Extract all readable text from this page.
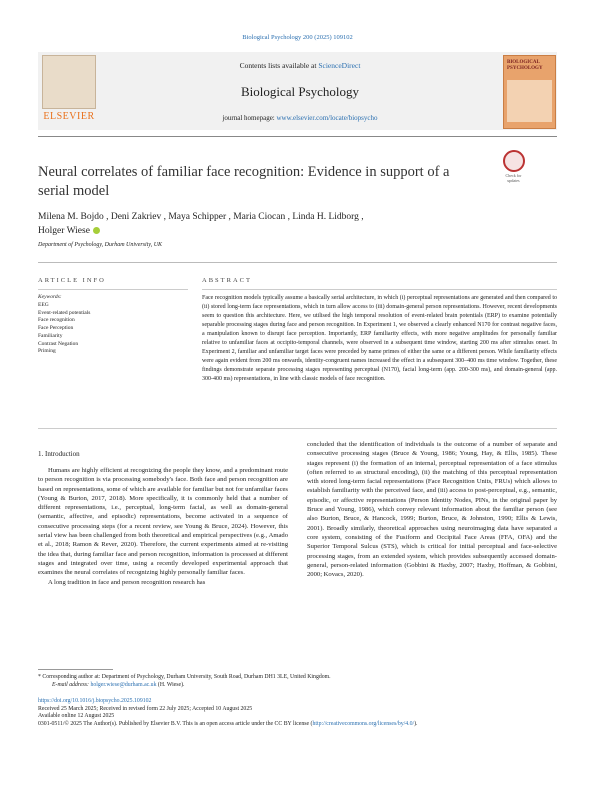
Biological Psychology 200 (2025) 109102
ELSEVIER
Contents lists available at ScienceDirect
Biological Psychology
journal homepage: www.elsevier.com/locate/biopsycho
BIOLOGICAL PSYCHOLOGY
Neural correlates of familiar face recognition: Evidence in support of a serial model
Check for updates
Milena M. Bojdo , Deni Zakriev , Maya Schipper , Maria Ciocan , Linda H. Lidborg ,
Holger Wiese
Department of Psychology, Durham University, UK
ARTICLE INFO	ABSTRACT
Keywords:
EEG
Event-related potentials
Face recognition
Face Perception
Familiarity
Contrast Negation
Priming
Face recognition models typically assume a basically serial architecture, in which (i) perceptual representations are generated and then compared to (ii) stored long-term face representations, which in turn allow access to (iii) domain-general person representations. However, recent developments seem to question this architecture. Here, we utilised the high temporal resolution of event-related brain potentials (ERP) to examine potentially separable processing stages during face and person recognition. In Experiment 1, we observed a clearly enhanced N170 for contrast negative faces, a manipulation known to disrupt face perception. Importantly, ERP familiarity effects, with more negative amplitudes for personally familiar relative to unfamiliar faces at occipito-temporal channels, were observed in a subsequent time window, starting 200 ms after stimulus onset. In Experiment 2, familiar and unfamiliar target faces were preceded by name primes of either the same or a different person. While familiarity effects were again evident from 200 ms onwards, identity-congruent names increased the effect in a subsequent 300–400 ms time window. Together, these findings demonstrate separate processing stages representing perceptual (N170), facial long-term (app. 200-300 ms), and domain-general (app. 300-400 ms) representations, in line with classic models of face recognition.
1. Introduction

Humans are highly efficient at recognizing the people they know, and a predominant route to person recognition is via processing somebody's face. Both face and person recognition are based on representations, some of which are available for familiar but not for unfamiliar faces (Young & Burton, 2017, 2018). More specifically, it is commonly held that a number of different representations, i.e., perceptual, long-term facial, as well as domain-general (semantic, affective, and episodic) representations, become activated in a sequence of consecutive processing steps (for a recent review, see Young & Bruce, 2024). However, this serial view has been challenged from both theoretical and empirical perspectives (e.g., Amado et al., 2018; Ramon & Rever, 2020). Therefore, the current experiments aimed at re-visiting the idea that, during familiar face and person recognition, information is processed at different stages and integrated over time, using a recently developed experimental approach that examines the neural correlates of recognizing highly personally familiar faces.

A long tradition in face and person recognition research has

concluded that the identification of individuals is the outcome of a number of separate and consecutive processing stages (Bruce & Young, 1986; Young, Hay, & Ellis, 1985). These stages represent (i) the formation of an internal, perceptual representation of a face stimulus (often referred to as structural encoding), (ii) the matching of this perceptual representation with stored long-term facial representations (Face Recognition Units, FRUs) which allows to establish familiarity with the perceived face, and (iii) access to post-perceptual, e.g., semantic, episodic, or affective representations (Person Identity Nodes, PINs, in the original paper by Bruce and Young, 1986), which convey relevant information about the familiar person (see also Burton, Bruce, & Hancock, 1999; Burton, Bruce, & Johnston, 1990; Ellis & Lewis, 2001). Broadly similarly, theoretical approaches using neuroimaging data have separated a core system, consisting of the Fusiform and Occipital Face Areas (FFA, OFA) and the Superior Temporal Sulcus (STS), which is critical for initial perceptual and face-selective processing stages, from an extended system, which provides subsequently accessed domain-general, person-related information (Gobbini & Haxby, 2007; Haxby, Hoffman, & Gobbini, 2000; Kovacs, 2020).

* Corresponding author at: Department of Psychology, Durham University, South Road, Durham DH1 3LE, United Kingdom.
E-mail address: holger.wiese@durham.ac.uk (H. Wiese).
https://doi.org/10.1016/j.biopsycho.2025.109102
Received 25 March 2025; Received in revised form 22 July 2025; Accepted 10 August 2025
Available online 12 August 2025
0301-0511/© 2025 The Author(s). Published by Elsevier B.V. This is an open access article under the CC BY license (http://creativecommons.org/licenses/by/4.0/).
